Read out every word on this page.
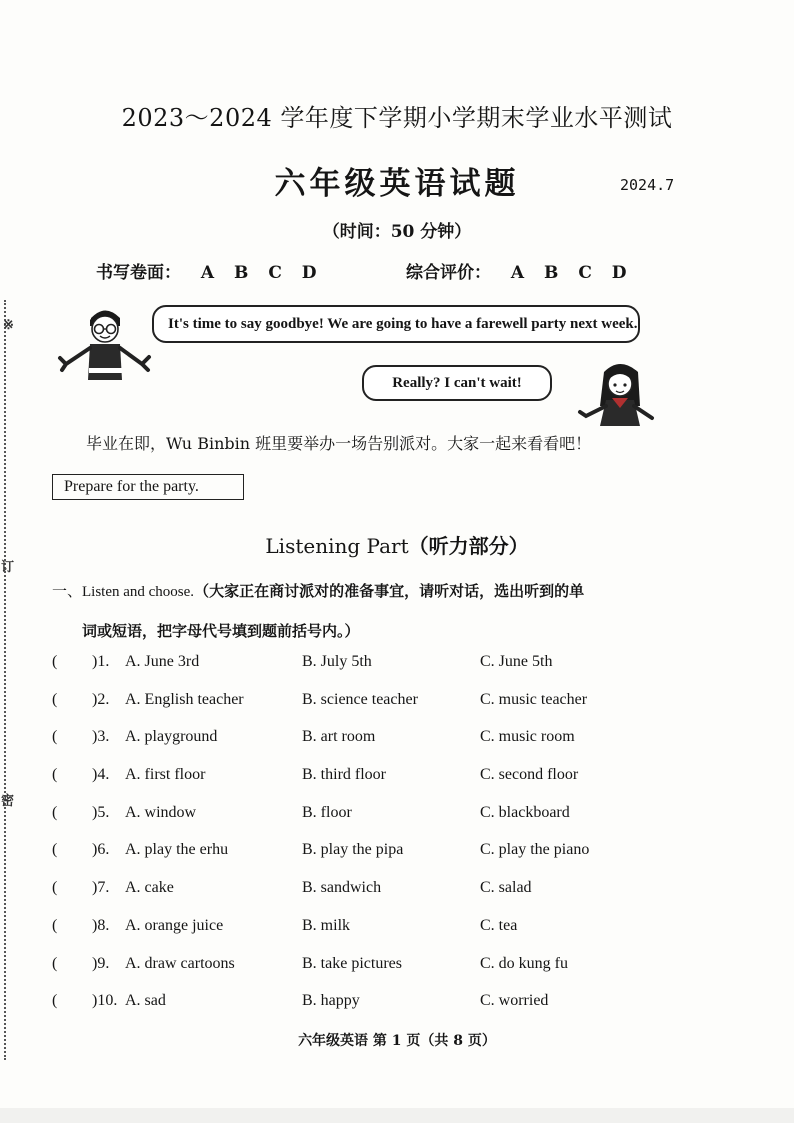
※
订
密
2023～2024 学年度下学期小学期末学业水平测试
六年级英语试题	2024.7
（时间：50 分钟）
书写卷面： A B C D	综合评价： A B C D
It's time to say goodbye! We are going to have a farewell party next week.
Really? I can't wait!
毕业在即，Wu Binbin 班里要举办一场告别派对。大家一起来看看吧！
Prepare for the party.
Listening Part（听力部分）
一、Listen and choose.（大家正在商讨派对的准备事宜，请听对话，选出听到的单
词或短语，把字母代号填到题前括号内。）
( )1. A. June 3rd	B. July 5th	C. June 5th
( )2. A. English teacher	B. science teacher	C. music teacher
( )3. A. playground	B. art room	C. music room
( )4. A. first floor	B. third floor	C. second floor
( )5. A. window	B. floor	C. blackboard
( )6. A. play the erhu	B. play the pipa	C. play the piano
( )7. A. cake	B. sandwich	C. salad
( )8. A. orange juice	B. milk	C. tea
( )9. A. draw cartoons	B. take pictures	C. do kung fu
( )10. A. sad	B. happy	C. worried
六年级英语 第 1 页（共 8 页）
